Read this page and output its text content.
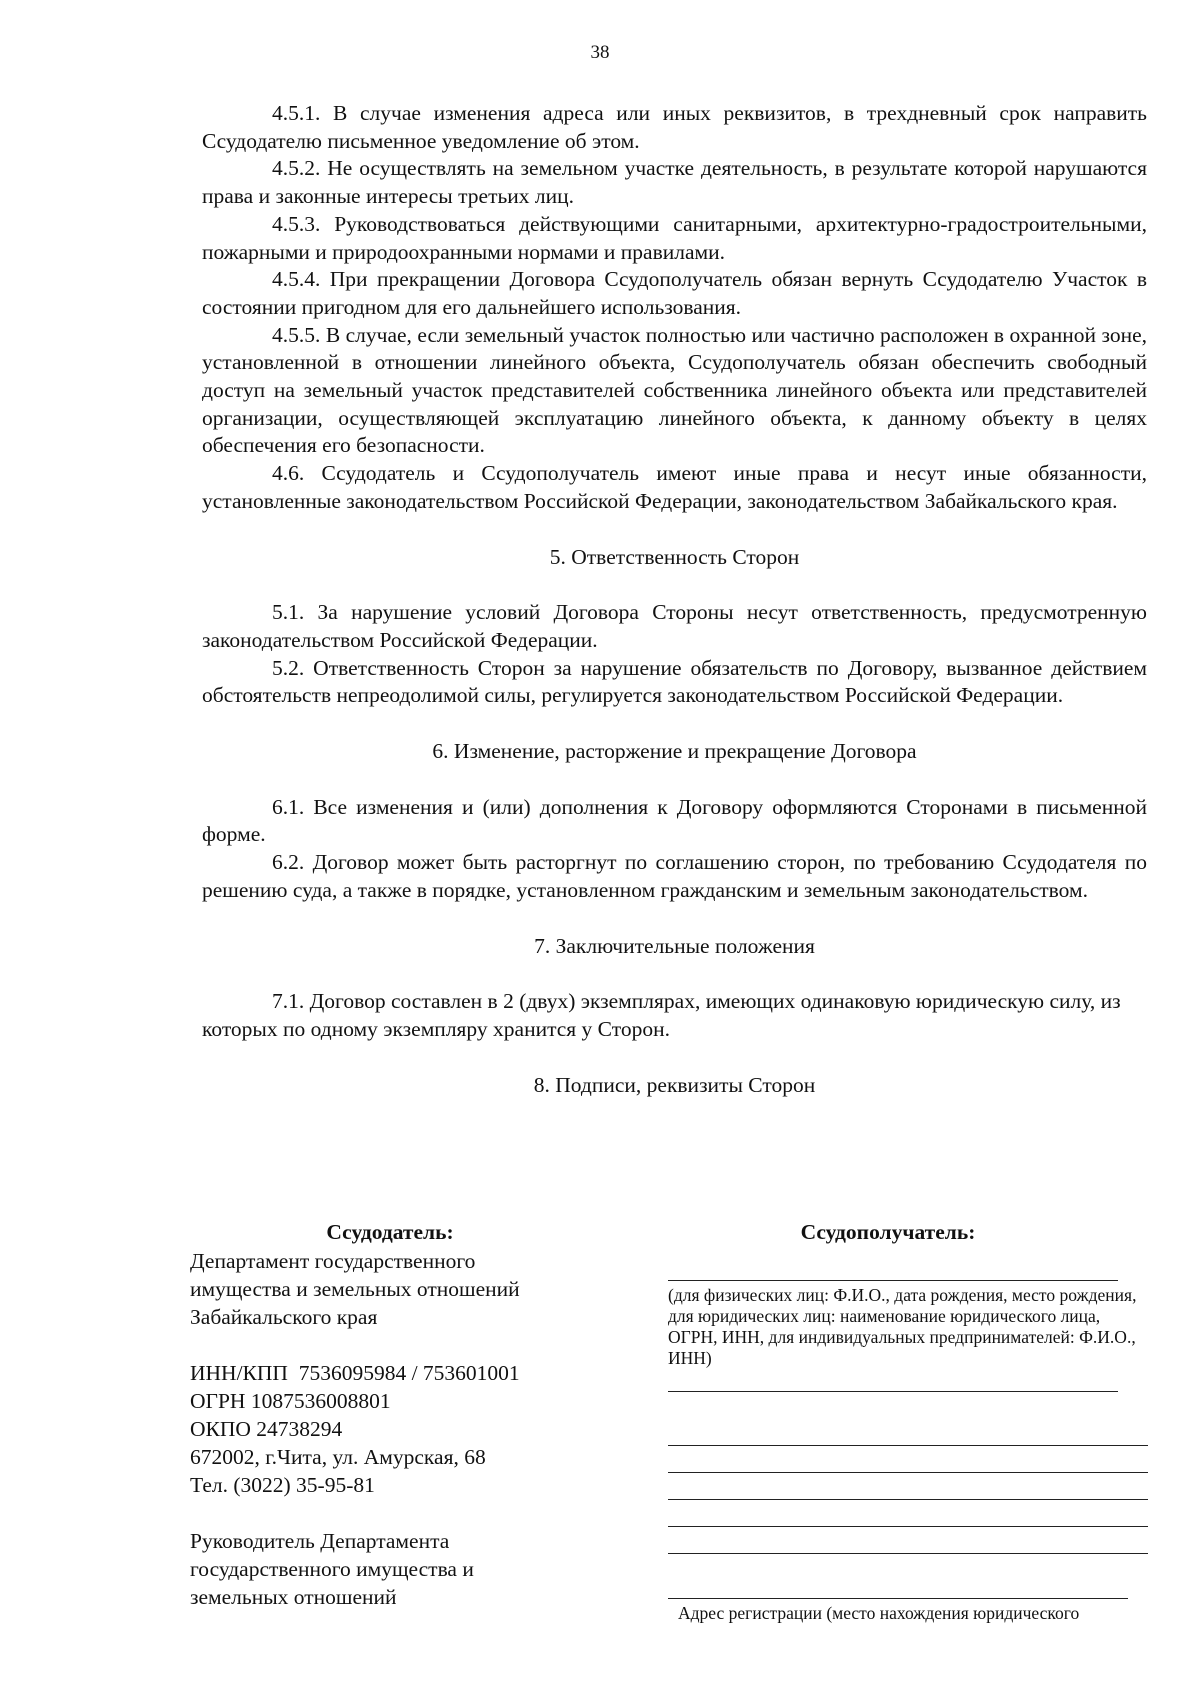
38

4.5.1. В случае изменения адреса или иных реквизитов, в трехдневный срок направить Ссудодателю письменное уведомление об этом.

4.5.2. Не осуществлять на земельном участке деятельность, в результате которой нарушаются права и законные интересы третьих лиц.

4.5.3. Руководствоваться действующими санитарными, архитектурно-градостроительными, пожарными и природоохранными нормами и правилами.

4.5.4. При прекращении Договора Ссудополучатель обязан вернуть Ссудодателю Участок в состоянии пригодном для его дальнейшего использования.

4.5.5. В случае, если земельный участок полностью или частично расположен в охранной зоне, установленной в отношении линейного объекта, Ссудополучатель обязан обеспечить свободный доступ на земельный участок представителей собственника линейного объекта или представителей организации, осуществляющей эксплуатацию линейного объекта, к данному объекту в целях обеспечения его безопасности.

4.6. Ссудодатель и Ссудополучатель имеют иные права и несут иные обязанности, установленные законодательством Российской Федерации, законодательством Забайкальского края.

5. Ответственность Сторон

5.1. За нарушение условий Договора Стороны несут ответственность, предусмотренную законодательством Российской Федерации.

5.2. Ответственность Сторон за нарушение обязательств по Договору, вызванное действием обстоятельств непреодолимой силы, регулируется законодательством Российской Федерации.

6. Изменение, расторжение и прекращение Договора

6.1. Все изменения и (или) дополнения к Договору оформляются Сторонами в письменной форме.

6.2. Договор может быть расторгнут по соглашению сторон, по требованию Ссудодателя по решению суда, а также в порядке, установленном гражданским и земельным законодательством.

7. Заключительные положения

7.1. Договор составлен в 2 (двух) экземплярах, имеющих одинаковую юридическую силу, из которых по одному экземпляру хранится у Сторон.

8. Подписи, реквизиты Сторон
Ссудодатель:
Департамент государственного
имущества и земельных отношений
Забайкальского края
ИНН/КПП  7536095984 / 753601001
ОГРН 1087536008801
ОКПО 24738294
672002, г.Чита, ул. Амурская, 68
Тел. (3022) 35-95-81
Руководитель Департамента
государственного имущества и
земельных отношений
Ссудополучатель:
(для физических лиц: Ф.И.О., дата рождения, место рождения, для юридических лиц: наименование юридического лица, ОГРН, ИНН, для индивидуальных предпринимателей: Ф.И.О., ИНН)
Адрес регистрации (место нахождения юридического
